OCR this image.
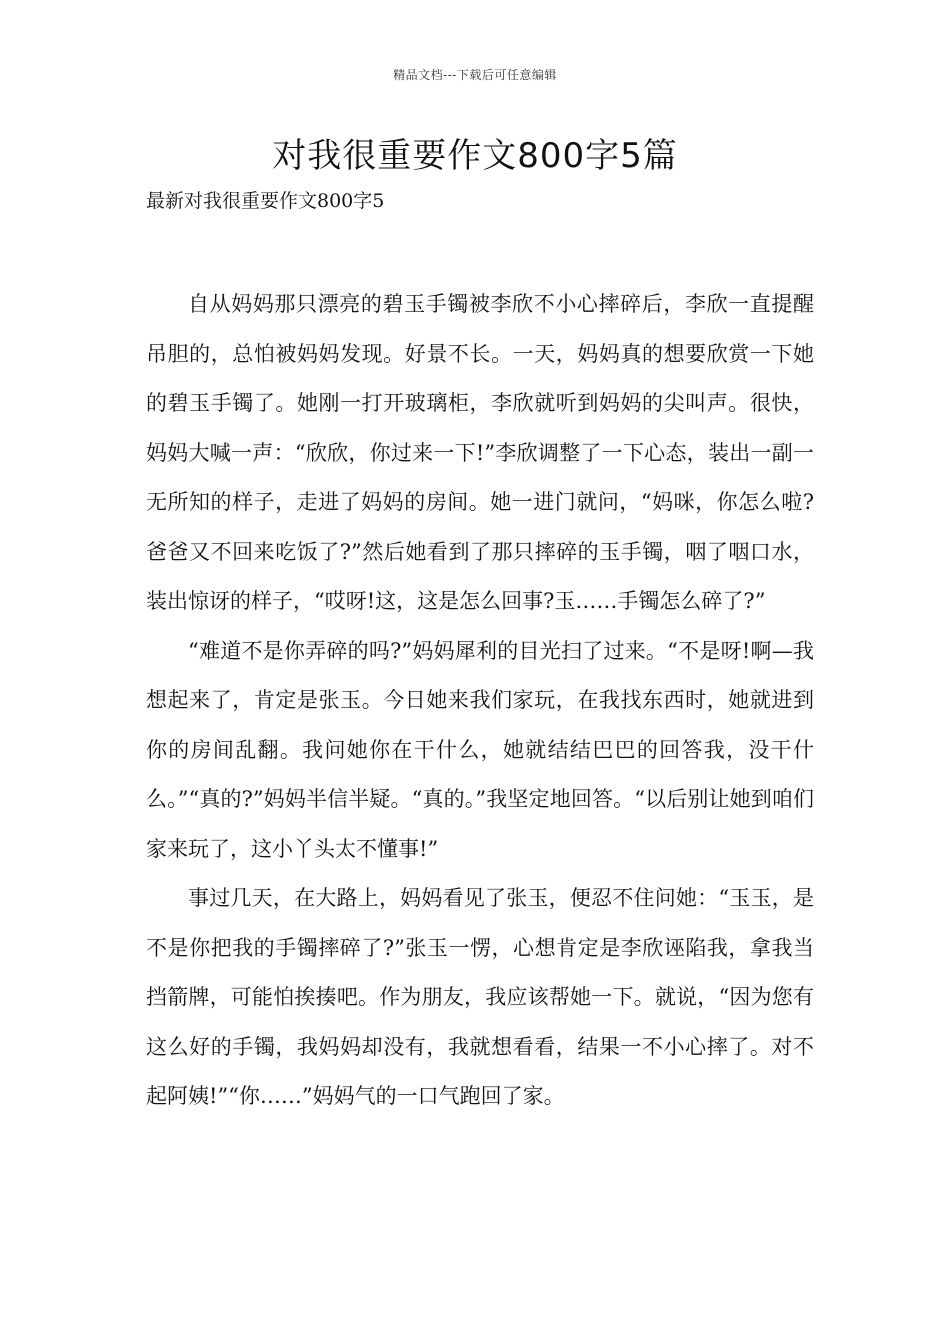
精品文档---下载后可任意编辑
对我很重要作文800字5篇

最新对我很重要作文800字5

自从妈妈那只漂亮的碧玉手镯被李欣不小心摔碎后，李欣一直提醒吊胆的，总怕被妈妈发现。好景不长。一天，妈妈真的想要欣赏一下她的碧玉手镯了。她刚一打开玻璃柜，李欣就听到妈妈的尖叫声。很快，妈妈大喊一声：“欣欣，你过来一下!”李欣调整了一下心态，装出一副一无所知的样子，走进了妈妈的房间。她一进门就问，“妈咪，你怎么啦?爸爸又不回来吃饭了?”然后她看到了那只摔碎的玉手镯，咽了咽口水，装出惊讶的样子，“哎呀!这，这是怎么回事?玉……手镯怎么碎了?”

“难道不是你弄碎的吗?”妈妈犀利的目光扫了过来。“不是呀!啊—我想起来了，肯定是张玉。今日她来我们家玩，在我找东西时，她就进到你的房间乱翻。我问她你在干什么，她就结结巴巴的回答我，没干什么。”“真的?”妈妈半信半疑。“真的。”我坚定地回答。“以后别让她到咱们家来玩了，这小丫头太不懂事!”

事过几天，在大路上，妈妈看见了张玉，便忍不住问她：“玉玉，是不是你把我的手镯摔碎了?”张玉一愣，心想肯定是李欣诬陷我，拿我当挡箭牌，可能怕挨揍吧。作为朋友，我应该帮她一下。就说，“因为您有这么好的手镯，我妈妈却没有，我就想看看，结果一不小心摔了。对不起阿姨!”“你……”妈妈气的一口气跑回了家。
